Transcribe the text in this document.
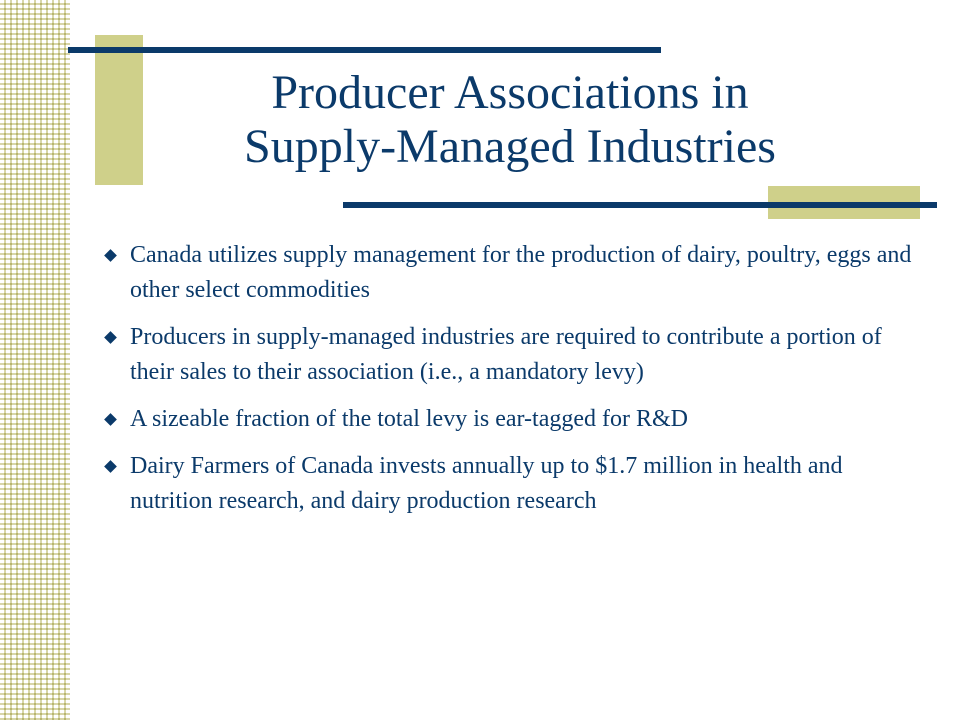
Producer Associations in
Supply-Managed Industries
Canada utilizes supply management for the production of dairy, poultry, eggs and other select commodities
Producers in supply-managed industries are required to contribute a portion of their sales to their association (i.e., a mandatory levy)
A sizeable fraction of the total levy is ear-tagged for R&D
Dairy Farmers of Canada invests annually up to $1.7 million in health and nutrition research, and dairy production research
